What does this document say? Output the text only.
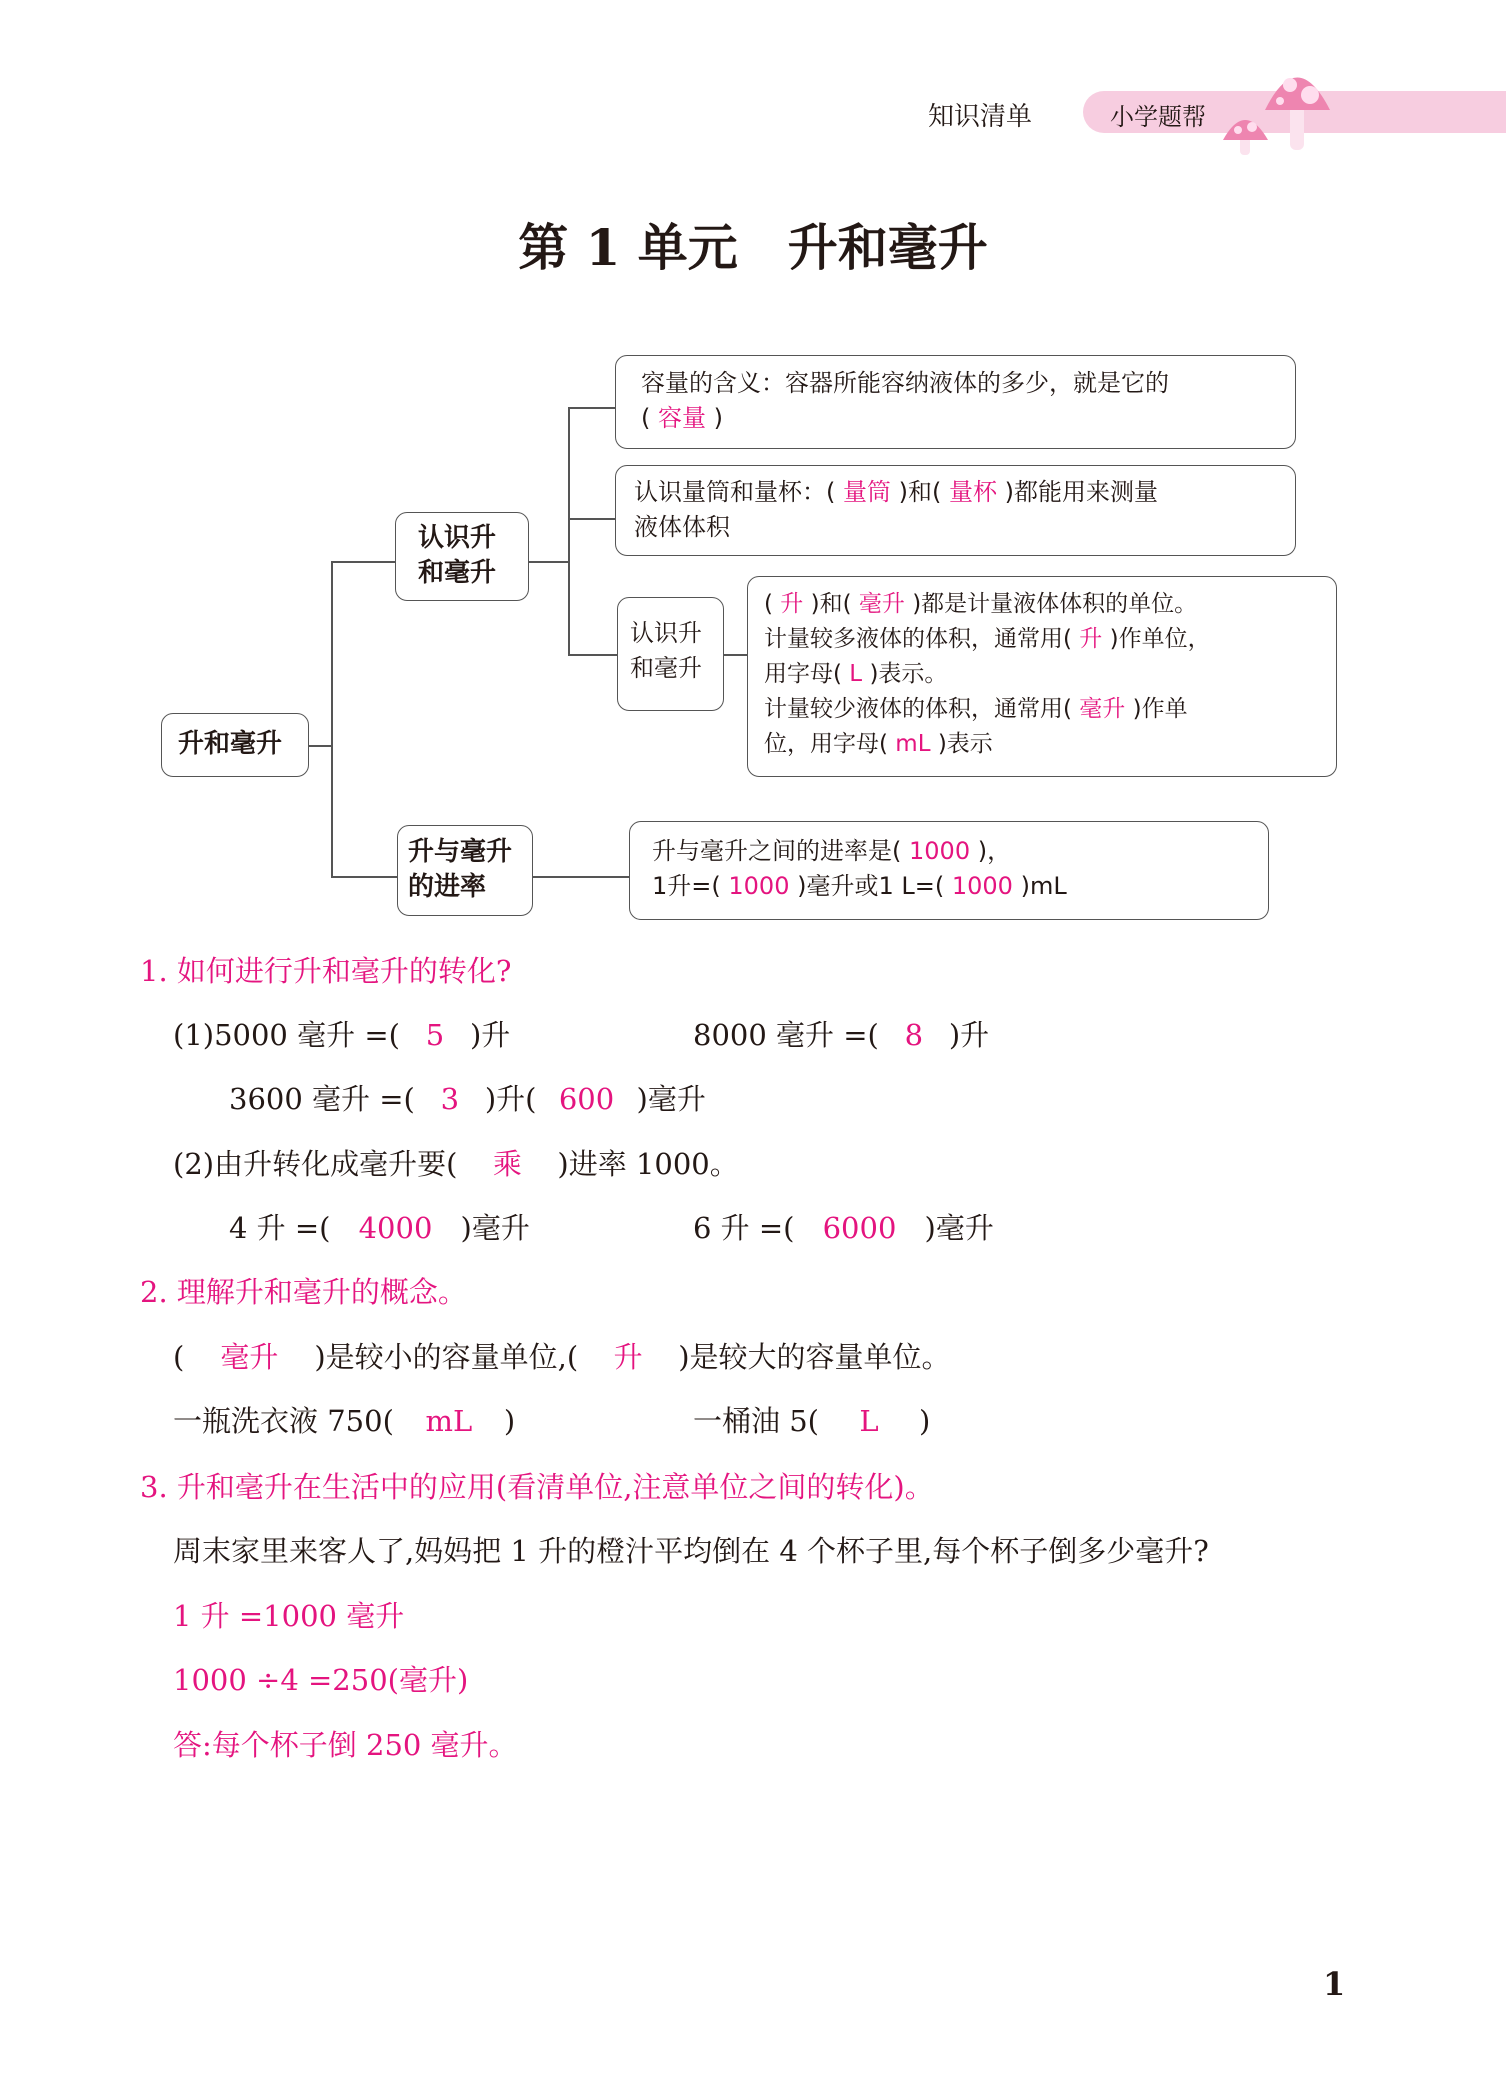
知识清单	小学题帮
第 1 单元　升和毫升
升和毫升
认识升
和毫升
升与毫升
的进率
认识升
和毫升
容量的含义：容器所能容纳液体的多少，就是它的
( 容量 )
认识量筒和量杯：( 量筒 )和( 量杯 )都能用来测量
液体体积
( 升 )和( 毫升 )都是计量液体体积的单位。
计量较多液体的体积，通常用( 升 )作单位，
用字母( L )表示。
计量较少液体的体积，通常用( 毫升 )作单
位，用字母( mL )表示
升与毫升之间的进率是( 1000 )，
1升=( 1000 )毫升或1 L=( 1000 )mL
1. 如何进行升和毫升的转化?
(1)5000 毫升 =( 5 )升	8000 毫升 =( 8 )升
3600 毫升 =( 3 )升( 600 )毫升
(2)由升转化成毫升要( 乘 )进率 1000。
4 升 =( 4000 )毫升	6 升 =( 6000 )毫升
2. 理解升和毫升的概念。
( 毫升 )是较小的容量单位,( 升 )是较大的容量单位。
一瓶洗衣液 750( mL )	一桶油 5( L )
3. 升和毫升在生活中的应用(看清单位,注意单位之间的转化)。
周末家里来客人了,妈妈把 1 升的橙汁平均倒在 4 个杯子里,每个杯子倒多少毫升?
1 升 =1000 毫升
1000 ÷4 =250(毫升)
答:每个杯子倒 250 毫升。
1
